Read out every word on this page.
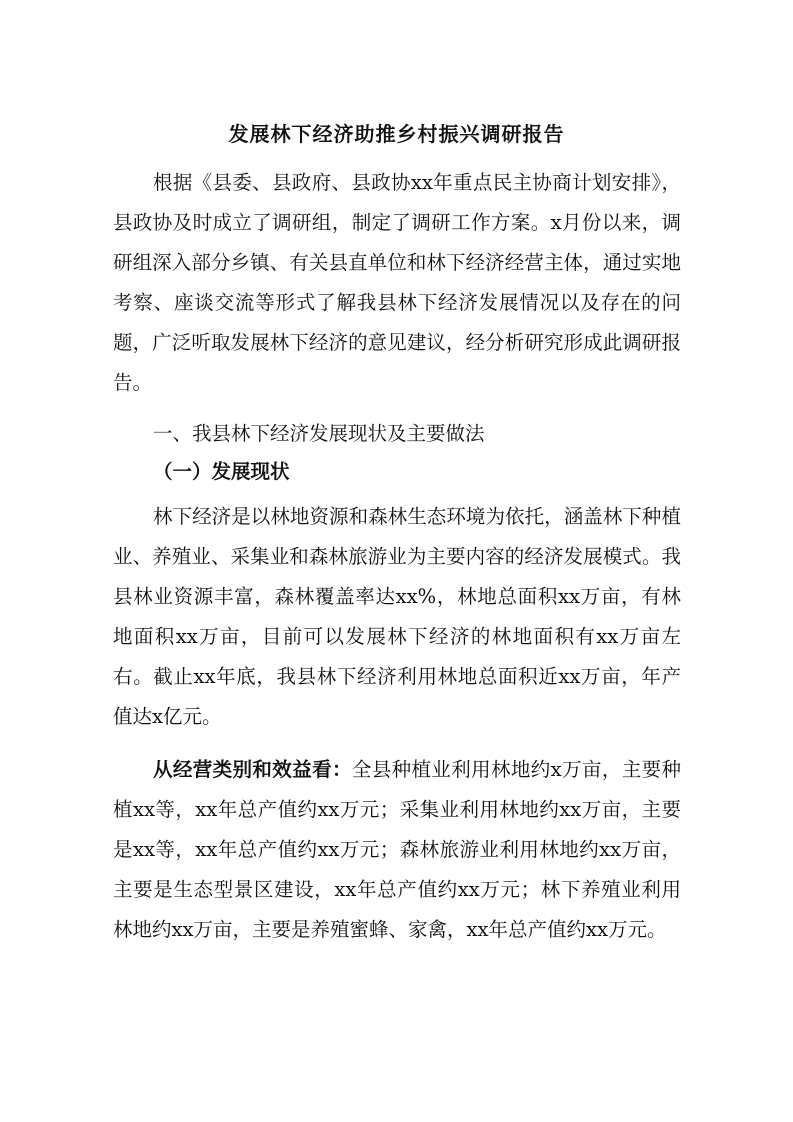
发展林下经济助推乡村振兴调研报告

根据《县委、县政府、县政协xx年重点民主协商计划安排》，县政协及时成立了调研组，制定了调研工作方案。x月份以来，调研组深入部分乡镇、有关县直单位和林下经济经营主体，通过实地考察、座谈交流等形式了解我县林下经济发展情况以及存在的问题，广泛听取发展林下经济的意见建议，经分析研究形成此调研报告。

一、我县林下经济发展现状及主要做法

（一）发展现状

林下经济是以林地资源和森林生态环境为依托，涵盖林下种植业、养殖业、采集业和森林旅游业为主要内容的经济发展模式。我县林业资源丰富，森林覆盖率达xx%，林地总面积xx万亩，有林地面积xx万亩，目前可以发展林下经济的林地面积有xx万亩左右。截止xx年底，我县林下经济利用林地总面积近xx万亩，年产值达x亿元。

从经营类别和效益看：全县种植业利用林地约x万亩，主要种植xx等，xx年总产值约xx万元；采集业利用林地约xx万亩，主要是xx等，xx年总产值约xx万元；森林旅游业利用林地约xx万亩，主要是生态型景区建设，xx年总产值约xx万元；林下养殖业利用林地约xx万亩，主要是养殖蜜蜂、家禽，xx年总产值约xx万元。
